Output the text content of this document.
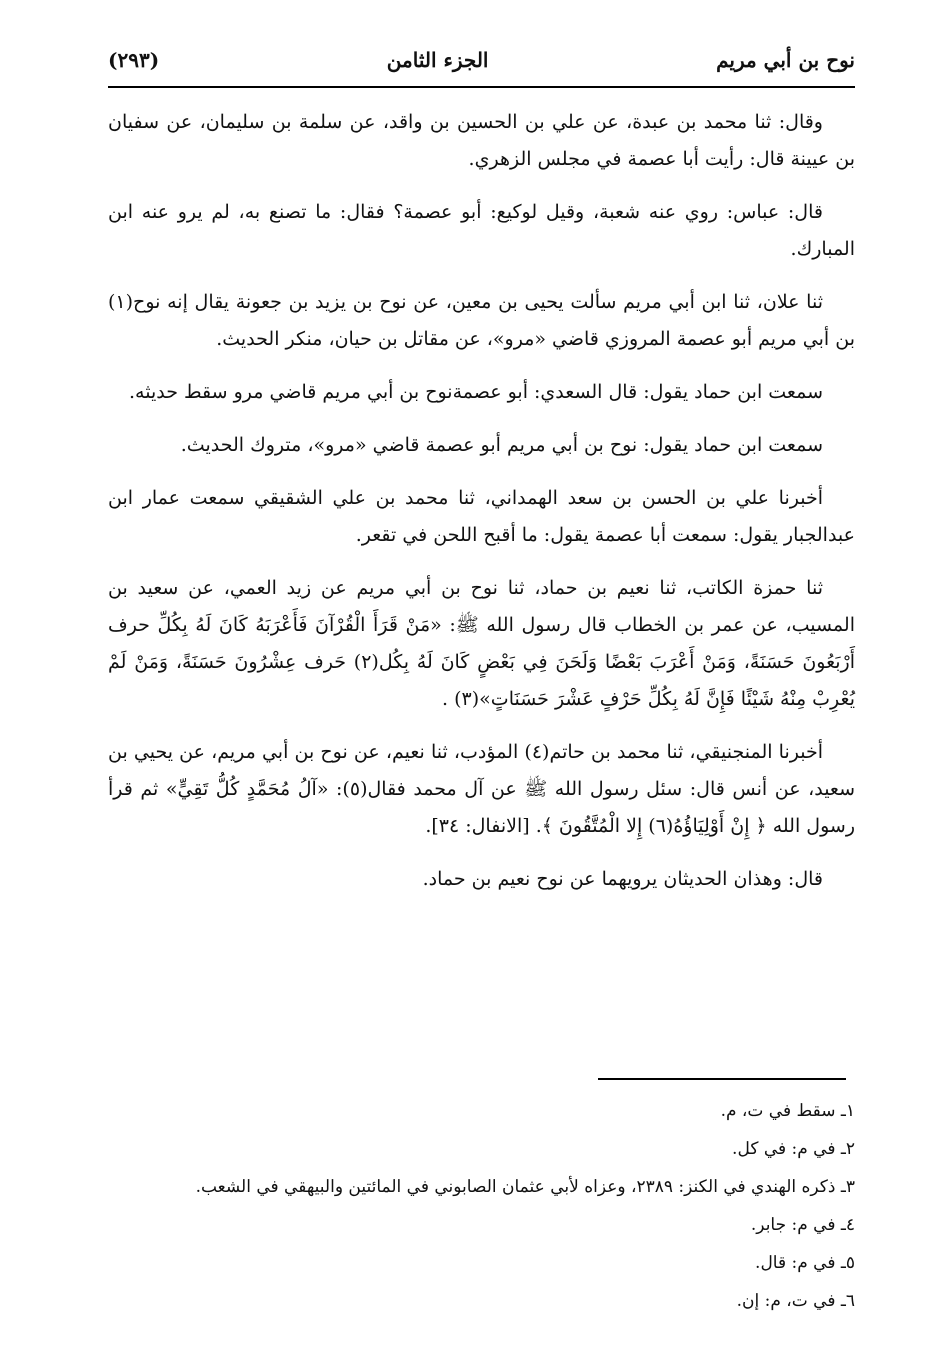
نوح بن أبي مريم
الجزء الثامن
(٢٩٣)

وقال: ثنا محمد بن عبدة، عن علي بن الحسين بن واقد، عن سلمة بن سليمان، عن سفيان بن عيينة قال: رأيت أبا عصمة في مجلس الزهري.

قال: عباس: روي عنه شعبة، وقيل لوكيع: أبو عصمة؟ فقال: ما تصنع به، لم يرو عنه ابن المبارك.

ثنا علان، ثنا ابن أبي مريم سألت يحيى بن معين، عن نوح بن يزيد بن جعونة يقال إنه نوح(١) بن أبي مريم أبو عصمة المروزي قاضي «مرو»، عن مقاتل بن حيان، منكر الحديث.

سمعت ابن حماد يقول: قال السعدي: أبو عصمةنوح بن أبي مريم قاضي مرو سقط حديثه.

سمعت ابن حماد يقول: نوح بن أبي مريم أبو عصمة قاضي «مرو»، متروك الحديث.

أخبرنا علي بن الحسن بن سعد الهمداني، ثنا محمد بن علي الشقيقي سمعت عمار ابن عبدالجبار يقول: سمعت أبا عصمة يقول: ما أقبح اللحن في تقعر.

ثنا حمزة الكاتب، ثنا نعيم بن حماد، ثنا نوح بن أبي مريم عن زيد العمي، عن سعيد بن المسيب، عن عمر بن الخطاب قال رسول الله ﷺ: «مَنْ قَرَأَ الْقُرْآنَ فَأَعْرَبَهُ كَانَ لَهُ بِكُلِّ حرف أَرْبَعُونَ حَسَنَةً، وَمَنْ أَعْرَبَ بَعْضًا وَلَحَنَ فِي بَعْضٍ كَانَ لَهُ بِكُل(٢) حَرف عِشْرُونَ حَسَنَةً، وَمَنْ لَمْ يُعْرِبْ مِنْهُ شَيْئًا فَإِنَّ لَهُ بِكُلِّ حَرْفٍ عَشْرَ حَسَنَاتٍ»(٣) .

أخبرنا المنجنيقي، ثنا محمد بن حاتم(٤) المؤدب، ثنا نعيم، عن نوح بن أبي مريم، عن يحيي بن سعيد، عن أنس قال: سئل رسول الله ﷺ عن آل محمد فقال(٥): «آلُ مُحَمَّدٍ كُلُّ تَقِيٍّ» ثم قرأ رسول الله ﴿ إِنْ أَوْلِيَاؤُهُ(٦) إِلا الْمُتَّقُونَ ﴾. [الانفال: ٣٤].

قال: وهذان الحديثان يرويهما عن نوح نعيم بن حماد.

١ـ سقط في ت، م.

٢ـ في م: في كل.

٣ـ ذكره الهندي في الكنز: ٢٣٨٩، وعزاه لأبي عثمان الصابوني في المائتين والبيهقي في الشعب.

٤ـ في م: جابر.

٥ـ في م: قال.

٦ـ في ت، م: إن.
